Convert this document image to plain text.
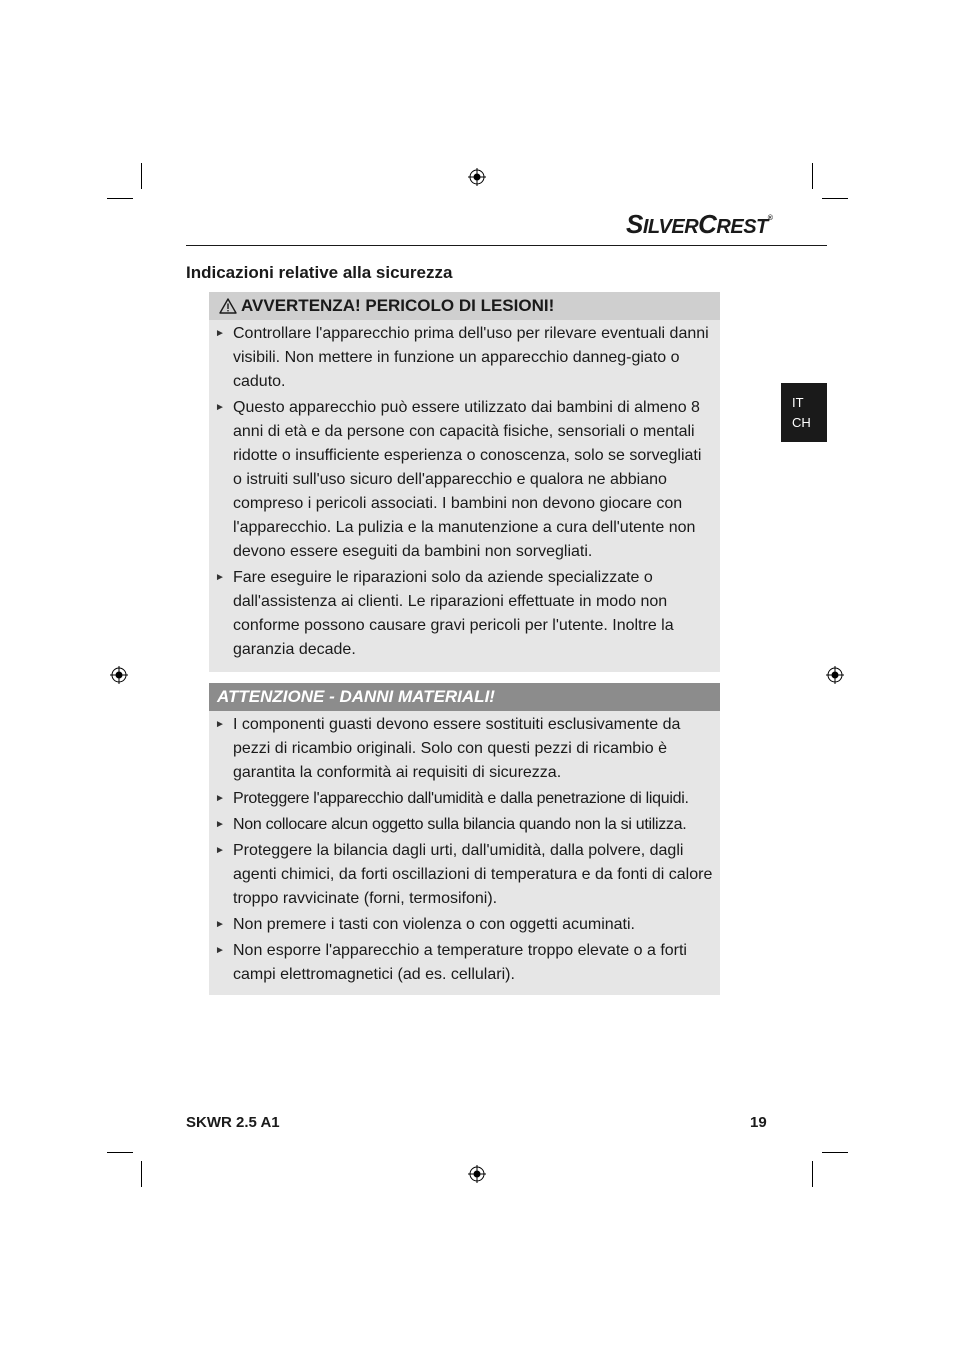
SILVERCREST®
Indicazioni relative alla sicurezza
AVVERTENZA! PERICOLO DI LESIONI!
► Controllare l'apparecchio prima dell'uso per rilevare eventuali danni visibili. Non mettere in funzione un apparecchio danneg-giato o caduto.
► Questo apparecchio può essere utilizzato dai bambini di almeno 8 anni di età e da persone con capacità fisiche, sensoriali o mentali ridotte o insufficiente esperienza o conoscenza, solo se sorvegliati o istruiti sull'uso sicuro dell'apparecchio e qualora ne abbiano compreso i pericoli associati. I bambini non devono giocare con l'apparecchio. La pulizia e la manutenzione a cura dell'utente non devono essere eseguiti da bambini non sorvegliati.
► Fare eseguire le riparazioni solo da aziende specializzate o dall'assistenza ai clienti. Le riparazioni effettuate in modo non conforme possono causare gravi pericoli per l'utente. Inoltre la garanzia decade.
ATTENZIONE - DANNI MATERIALI!
► I componenti guasti devono essere sostituiti esclusivamente da pezzi di ricambio originali. Solo con questi pezzi di ricambio è garantita la conformità ai requisiti di sicurezza.
► Proteggere l'apparecchio dall'umidità e dalla penetrazione di liquidi.
► Non collocare alcun oggetto sulla bilancia quando non la si utilizza.
► Proteggere la bilancia dagli urti, dall'umidità, dalla polvere, dagli agenti chimici, da forti oscillazioni di temperatura e da fonti di calore troppo ravvicinate (forni, termosifoni).
► Non premere i tasti con violenza o con oggetti acuminati.
► Non esporre l'apparecchio a temperature troppo elevate o a forti campi elettromagnetici (ad es. cellulari).
IT
CH
SKWR 2.5 A1	19
